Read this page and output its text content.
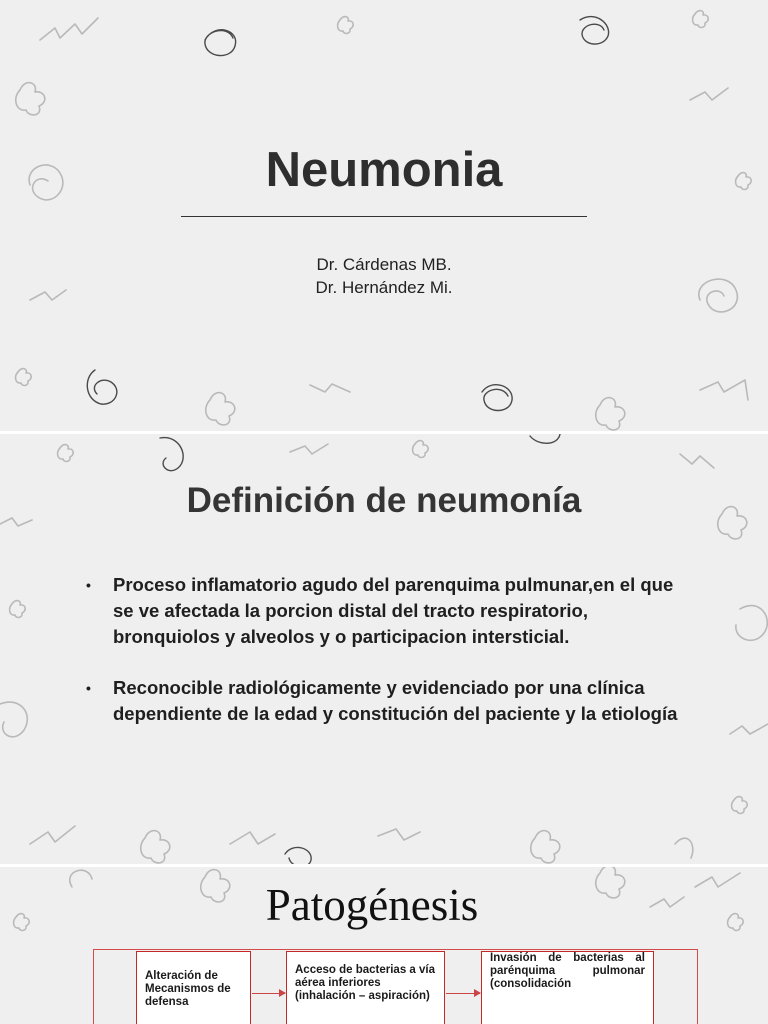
Neumonia
Dr. Cárdenas MB.
Dr. Hernández Mi.
Definición de neumonía
• Proceso inflamatorio agudo del parenquima pulmunar,en el que se ve afectada la porcion distal del tracto respiratorio, bronquiolos y alveolos y o participacion intersticial.
• Reconocible radiológicamente y evidenciado por una clínica dependiente de la edad y constitución del paciente y la etiología
Patogénesis
Alteración de Mecanismos de defensa
Acceso de bacterias a vía aérea inferiores (inhalación – aspiración)
Invasión de bacterias al parénquima pulmonar (consolidación
